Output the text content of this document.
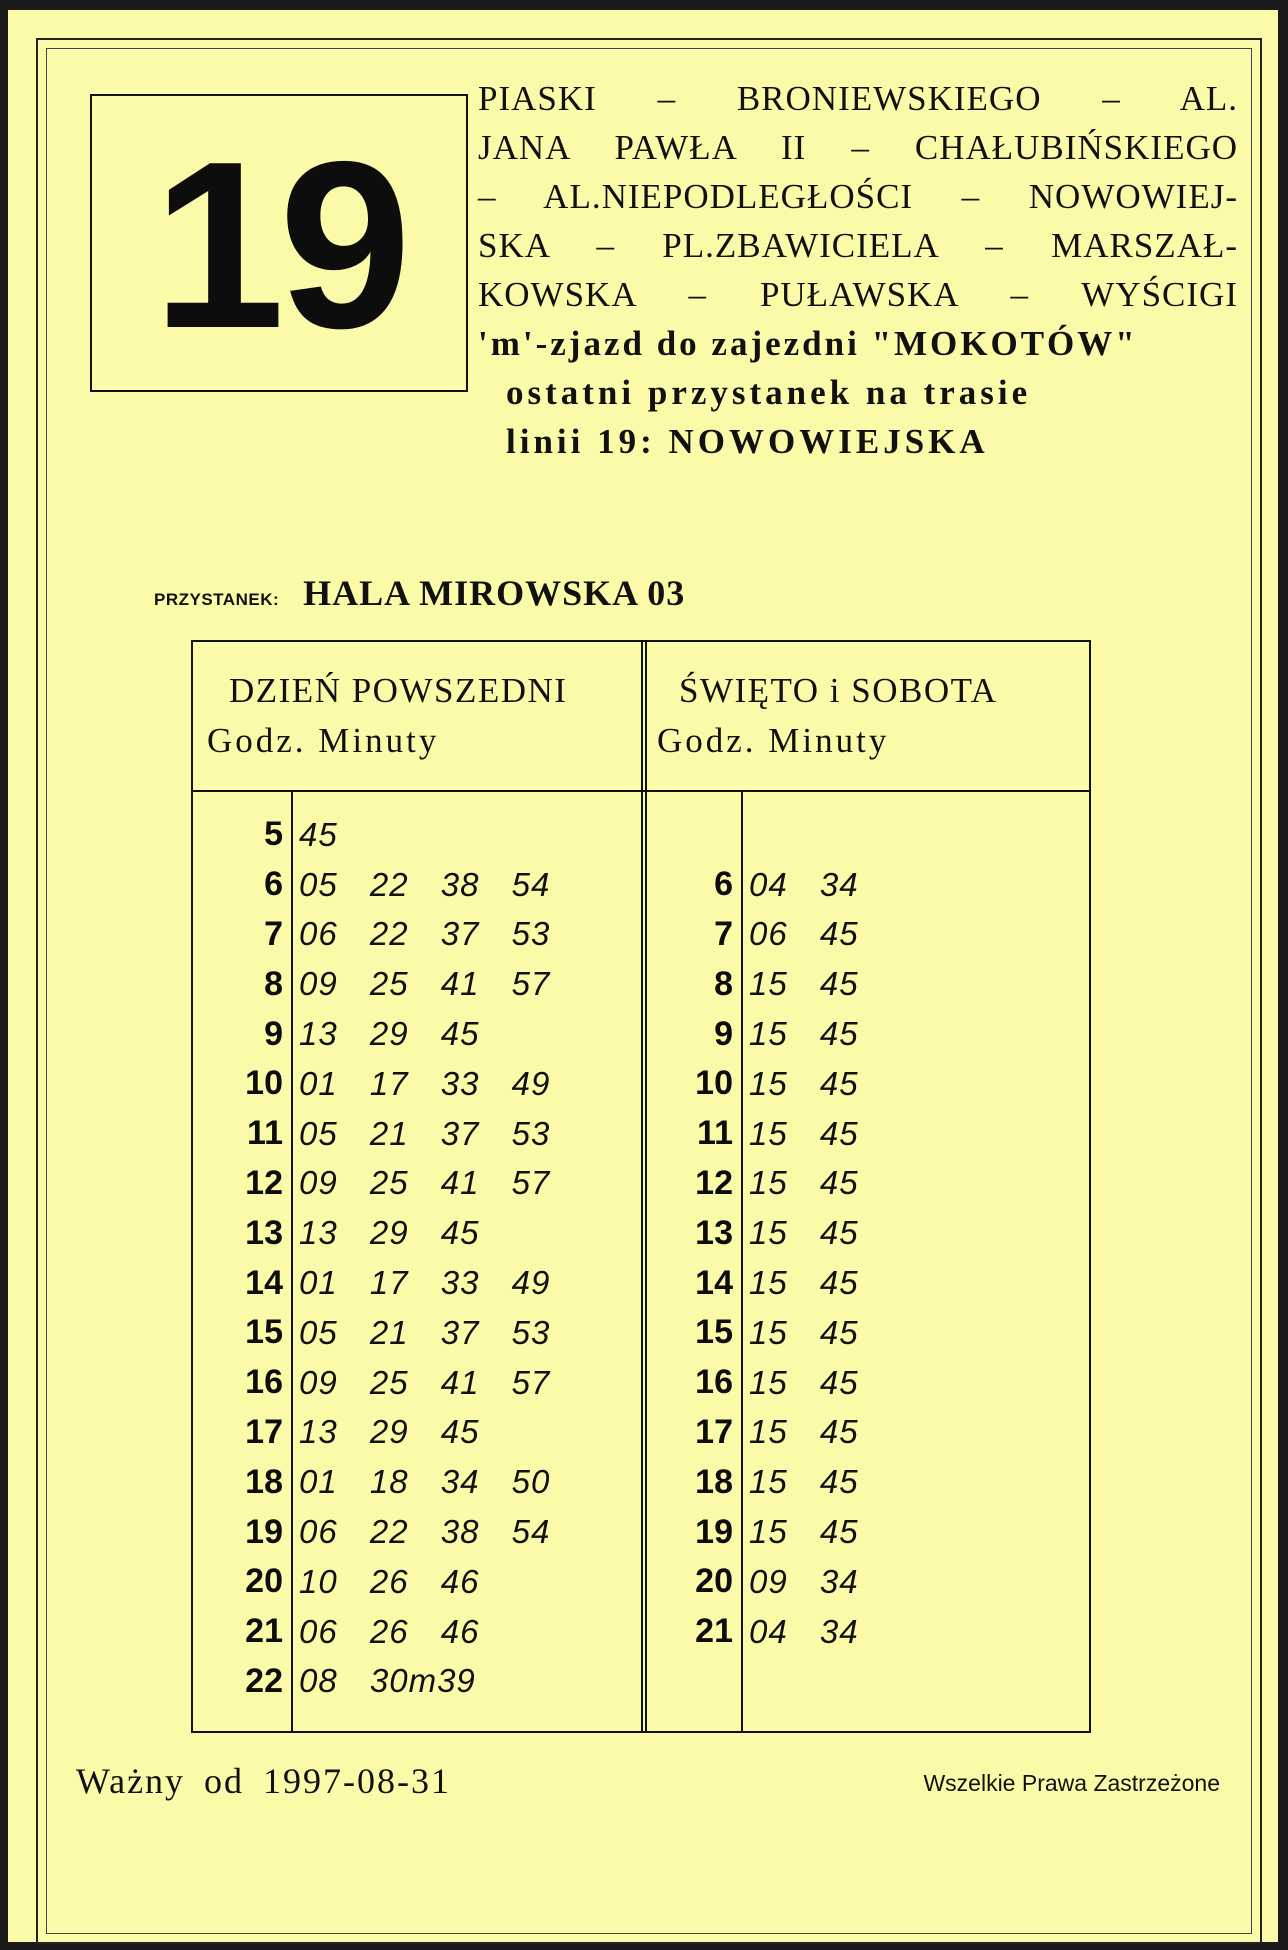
19
PIASKI – BRONIEWSKIEGO – AL.
JANA PAWŁA II – CHAŁUBIŃSKIEGO
– AL.NIEPODLEGŁOŚCI – NOWOWIEJ-
SKA – PL.ZBAWICIELA – MARSZAŁ-
KOWSKA – PUŁAWSKA – WYŚCIGI
'm'-zjazd do zajezdni "MOKOTÓW"
ostatni przystanek na trasie
linii 19: NOWOWIEJSKA
PRZYSTANEK: HALA MIROWSKA 03
DZIEŃ POWSZEDNI
Godz. Minuty
ŚWIĘTO i SOBOTA
Godz. Minuty
5 45
6 05 22 38 54
7 06 22 37 53
8 09 25 41 57
9 13 29 45
10 01 17 33 49
11 05 21 37 53
12 09 25 41 57
13 13 29 45
14 01 17 33 49
15 05 21 37 53
16 09 25 41 57
17 13 29 45
18 01 18 34 50
19 06 22 38 54
20 10 26 46
21 06 26 46
22 08 30m39
6 04 34
7 06 45
8 15 45
9 15 45
10 15 45
11 15 45
12 15 45
13 15 45
14 15 45
15 15 45
16 15 45
17 15 45
18 15 45
19 15 45
20 09 34
21 04 34
Ważny od 1997-08-31	Wszelkie Prawa Zastrzeżone
